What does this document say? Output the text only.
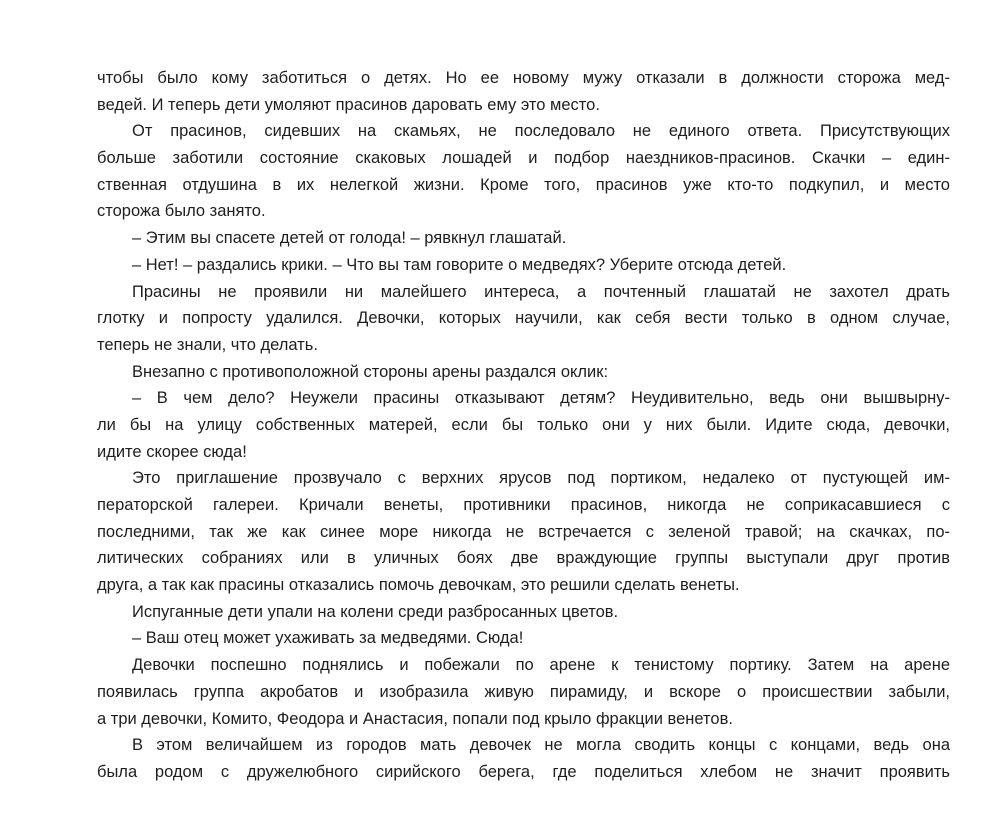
чтобы было кому заботиться о детях. Но ее новому мужу отказали в должности сторожа мед-
ведей. И теперь дети умоляют прасинов даровать ему это место.
От прасинов, сидевших на скамьях, не последовало не единого ответа. Присутствующих
больше заботили состояние скаковых лошадей и подбор наездников-прасинов. Скачки – един-
ственная отдушина в их нелегкой жизни. Кроме того, прасинов уже кто-то подкупил, и место
сторожа было занято.
– Этим вы спасете детей от голода! – рявкнул глашатай.
– Нет! – раздались крики. – Что вы там говорите о медведях? Уберите отсюда детей.
Прасины не проявили ни малейшего интереса, а почтенный глашатай не захотел драть
глотку и попросту удалился. Девочки, которых научили, как себя вести только в одном случае,
теперь не знали, что делать.
Внезапно с противоположной стороны арены раздался оклик:
– В чем дело? Неужели прасины отказывают детям? Неудивительно, ведь они вышвырну-
ли бы на улицу собственных матерей, если бы только они у них были. Идите сюда, девочки,
идите скорее сюда!
Это приглашение прозвучало с верхних ярусов под портиком, недалеко от пустующей им-
ператорской галереи. Кричали венеты, противники прасинов, никогда не соприкасавшиеся с
последними, так же как синее море никогда не встречается с зеленой травой; на скачках, по-
литических собраниях или в уличных боях две враждующие группы выступали друг против
друга, а так как прасины отказались помочь девочкам, это решили сделать венеты.
Испуганные дети упали на колени среди разбросанных цветов.
– Ваш отец может ухаживать за медведями. Сюда!
Девочки поспешно поднялись и побежали по арене к тенистому портику. Затем на арене
появилась группа акробатов и изобразила живую пирамиду, и вскоре о происшествии забыли,
а три девочки, Комито, Феодора и Анастасия, попали под крыло фракции венетов.
В этом величайшем из городов мать девочек не могла сводить концы с концами, ведь она
была родом с дружелюбного сирийского берега, где поделиться хлебом не значит проявить
